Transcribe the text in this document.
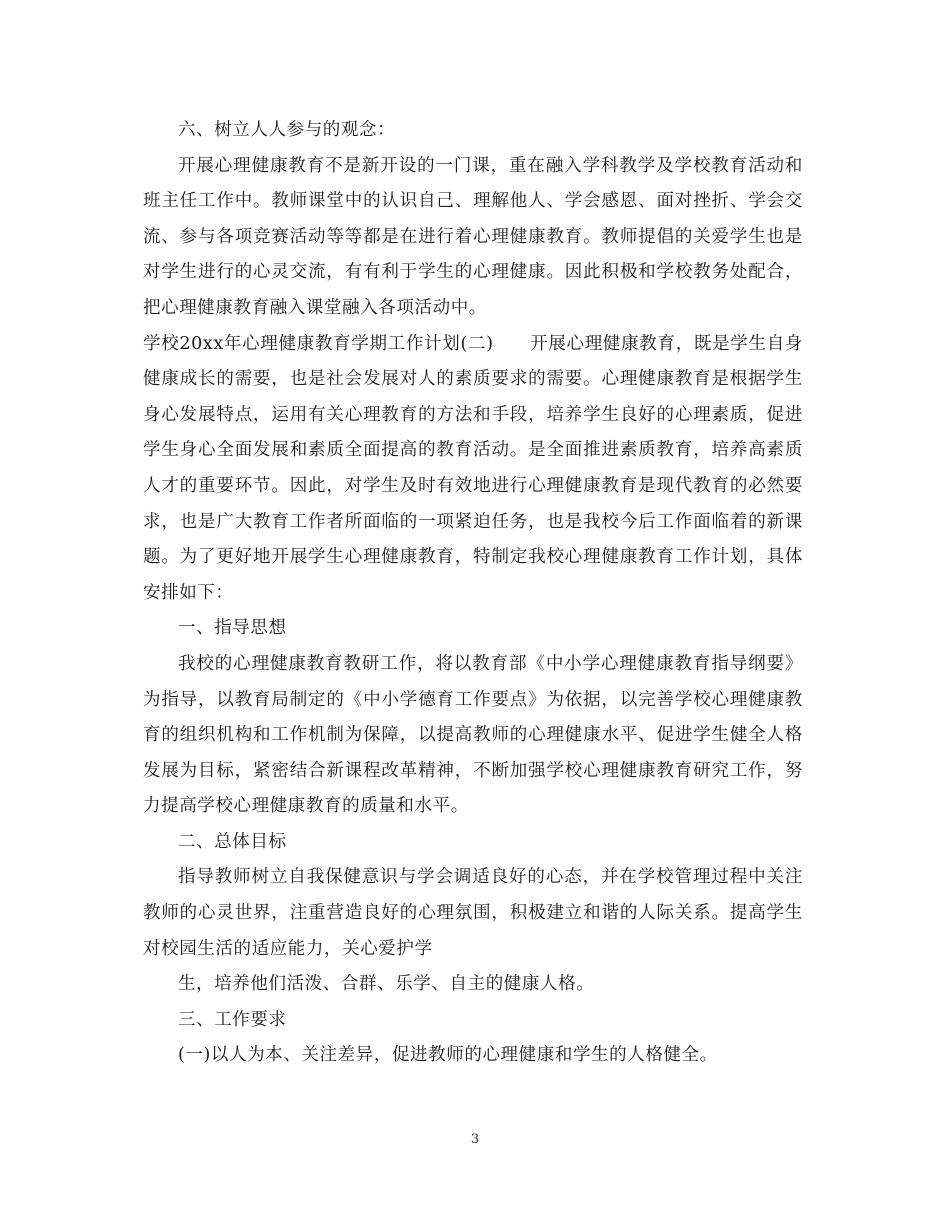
六、树立人人参与的观念：

开展心理健康教育不是新开设的一门课，重在融入学科教学及学校教育活动和班主任工作中。教师课堂中的认识自己、理解他人、学会感恩、面对挫折、学会交流、参与各项竞赛活动等等都是在进行着心理健康教育。教师提倡的关爱学生也是对学生进行的心灵交流，有有利于学生的心理健康。因此积极和学校教务处配合，把心理健康教育融入课堂融入各项活动中。

学校20xx年心理健康教育学期工作计划(二)　　开展心理健康教育，既是学生自身健康成长的需要，也是社会发展对人的素质要求的需要。心理健康教育是根据学生身心发展特点，运用有关心理教育的方法和手段，培养学生良好的心理素质，促进学生身心全面发展和素质全面提高的教育活动。是全面推进素质教育，培养高素质人才的重要环节。因此，对学生及时有效地进行心理健康教育是现代教育的必然要求，也是广大教育工作者所面临的一项紧迫任务，也是我校今后工作面临着的新课题。为了更好地开展学生心理健康教育，特制定我校心理健康教育工作计划，具体安排如下：

一、指导思想

我校的心理健康教育教研工作，将以教育部《中小学心理健康教育指导纲要》为指导，以教育局制定的《中小学德育工作要点》为依据，以完善学校心理健康教育的组织机构和工作机制为保障，以提高教师的心理健康水平、促进学生健全人格发展为目标，紧密结合新课程改革精神，不断加强学校心理健康教育研究工作，努力提高学校心理健康教育的质量和水平。

二、总体目标

指导教师树立自我保健意识与学会调适良好的心态，并在学校管理过程中关注教师的心灵世界，注重营造良好的心理氛围，积极建立和谐的人际关系。提高学生对校园生活的适应能力，关心爱护学

生，培养他们活泼、合群、乐学、自主的健康人格。

三、工作要求

(一)以人为本、关注差异，促进教师的心理健康和学生的人格健全。

3
